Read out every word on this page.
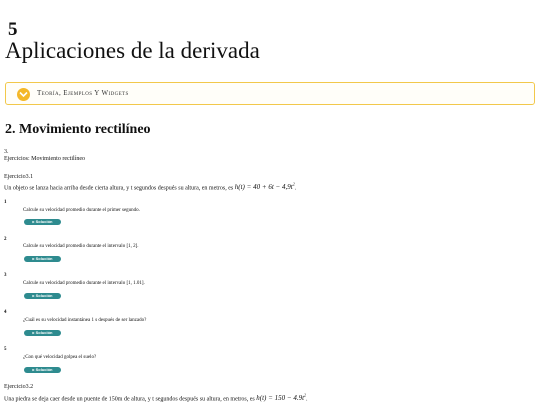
5
Aplicaciones de la derivada
Teoría, Ejemplos Y Widgets
2. Movimiento rectilíneo
3.
Ejercicios: Movimiento rectilíneo
Ejercicio3.1
Un objeto se lanza hacia arriba desde cierta altura, y t segundos después su altura, en metros, es $h(t) = 40 + 6t - 4,9t^2$.
1
Calcule su velocidad promedio durante el primer segundo.
▸ Solución
2
Calcule su velocidad promedio durante el intervalo [1, 2].
▸ Solución
3
Calcule su velocidad promedio durante el intervalo [1, 1.01].
▸ Solución
4
¿Cuál es su velocidad instantánea 1 s después de ser lanzado?
▸ Solución
5
¿Con qué velocidad golpea el suelo?
▸ Solución
Ejercicio3.2
Una piedra se deja caer desde un puente de 150m de altura, y t segundos después su altura, en metros, es $h(t) = 150 - 4.9t^2$.
